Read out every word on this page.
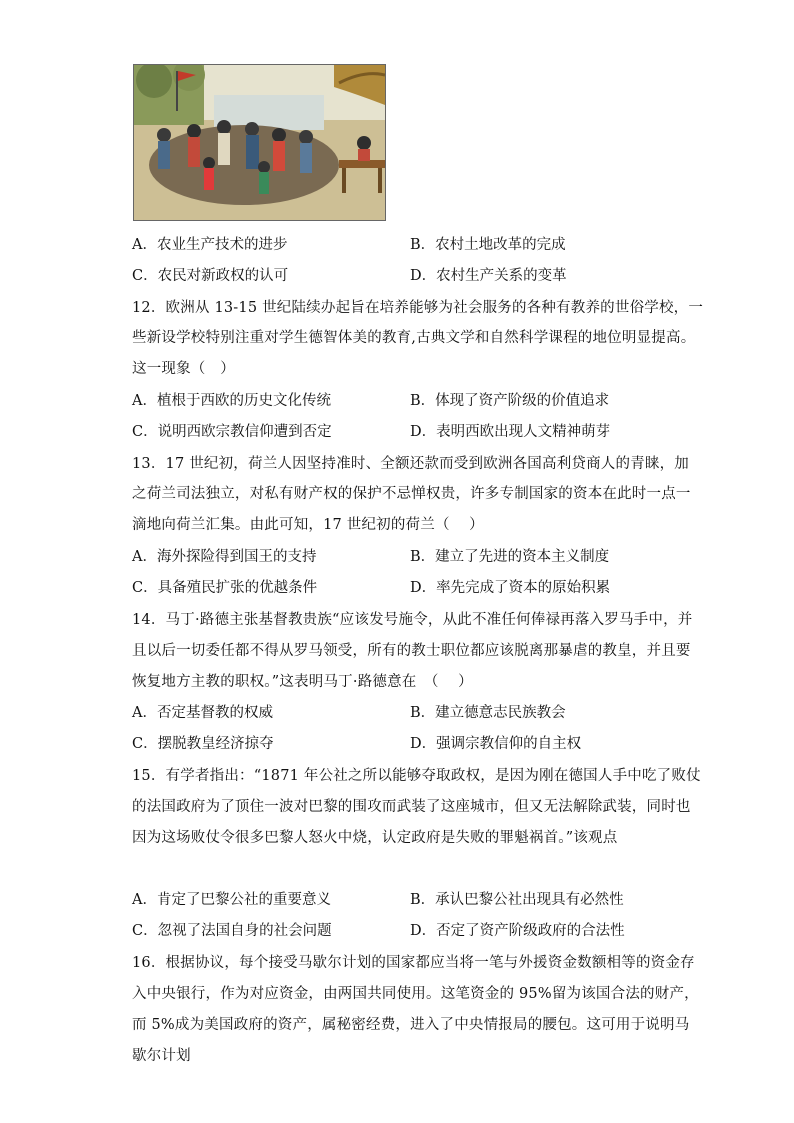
A．农业生产技术的进步	B．农村土地改革的完成
C．农民对新政权的认可	D．农村生产关系的变革
12．欧洲从 13-15 世纪陆续办起旨在培养能够为社会服务的各种有教养的世俗学校，一
些新设学校特别注重对学生德智体美的教育,古典文学和自然科学课程的地位明显提高。
这一现象（　）
A．植根于西欧的历史文化传统	B．体现了资产阶级的价值追求
C．说明西欧宗教信仰遭到否定	D．表明西欧出现人文精神萌芽
13．17 世纪初，荷兰人因坚持准时、全额还款而受到欧洲各国高利贷商人的青睐，加
之荷兰司法独立，对私有财产权的保护不忌惮权贵，许多专制国家的资本在此时一点一
滴地向荷兰汇集。由此可知，17 世纪初的荷兰（　 ）
A．海外探险得到国王的支持	B．建立了先进的资本主义制度
C．具备殖民扩张的优越条件	D．率先完成了资本的原始积累
14．马丁·路德主张基督教贵族“应该发号施令，从此不准任何俸禄再落入罗马手中，并
且以后一切委任都不得从罗马领受，所有的教士职位都应该脱离那暴虐的教皇，并且要
恢复地方主教的职权。”这表明马丁·路德意在　（　 ）
A．否定基督教的权威	B．建立德意志民族教会
C．摆脱教皇经济掠夺	D．强调宗教信仰的自主权
15．有学者指出：“1871 年公社之所以能够夺取政权，是因为刚在德国人手中吃了败仗
的法国政府为了顶住一波对巴黎的围攻而武装了这座城市，但又无法解除武装，同时也
因为这场败仗令很多巴黎人怒火中烧，认定政府是失败的罪魁祸首。”该观点
A．肯定了巴黎公社的重要意义	B．承认巴黎公社出现具有必然性
C．忽视了法国自身的社会问题	D．否定了资产阶级政府的合法性
16．根据协议，每个接受马歇尔计划的国家都应当将一笔与外援资金数额相等的资金存
入中央银行，作为对应资金，由两国共同使用。这笔资金的 95%留为该国合法的财产，
而 5%成为美国政府的资产，属秘密经费，进入了中央情报局的腰包。这可用于说明马
歇尔计划
